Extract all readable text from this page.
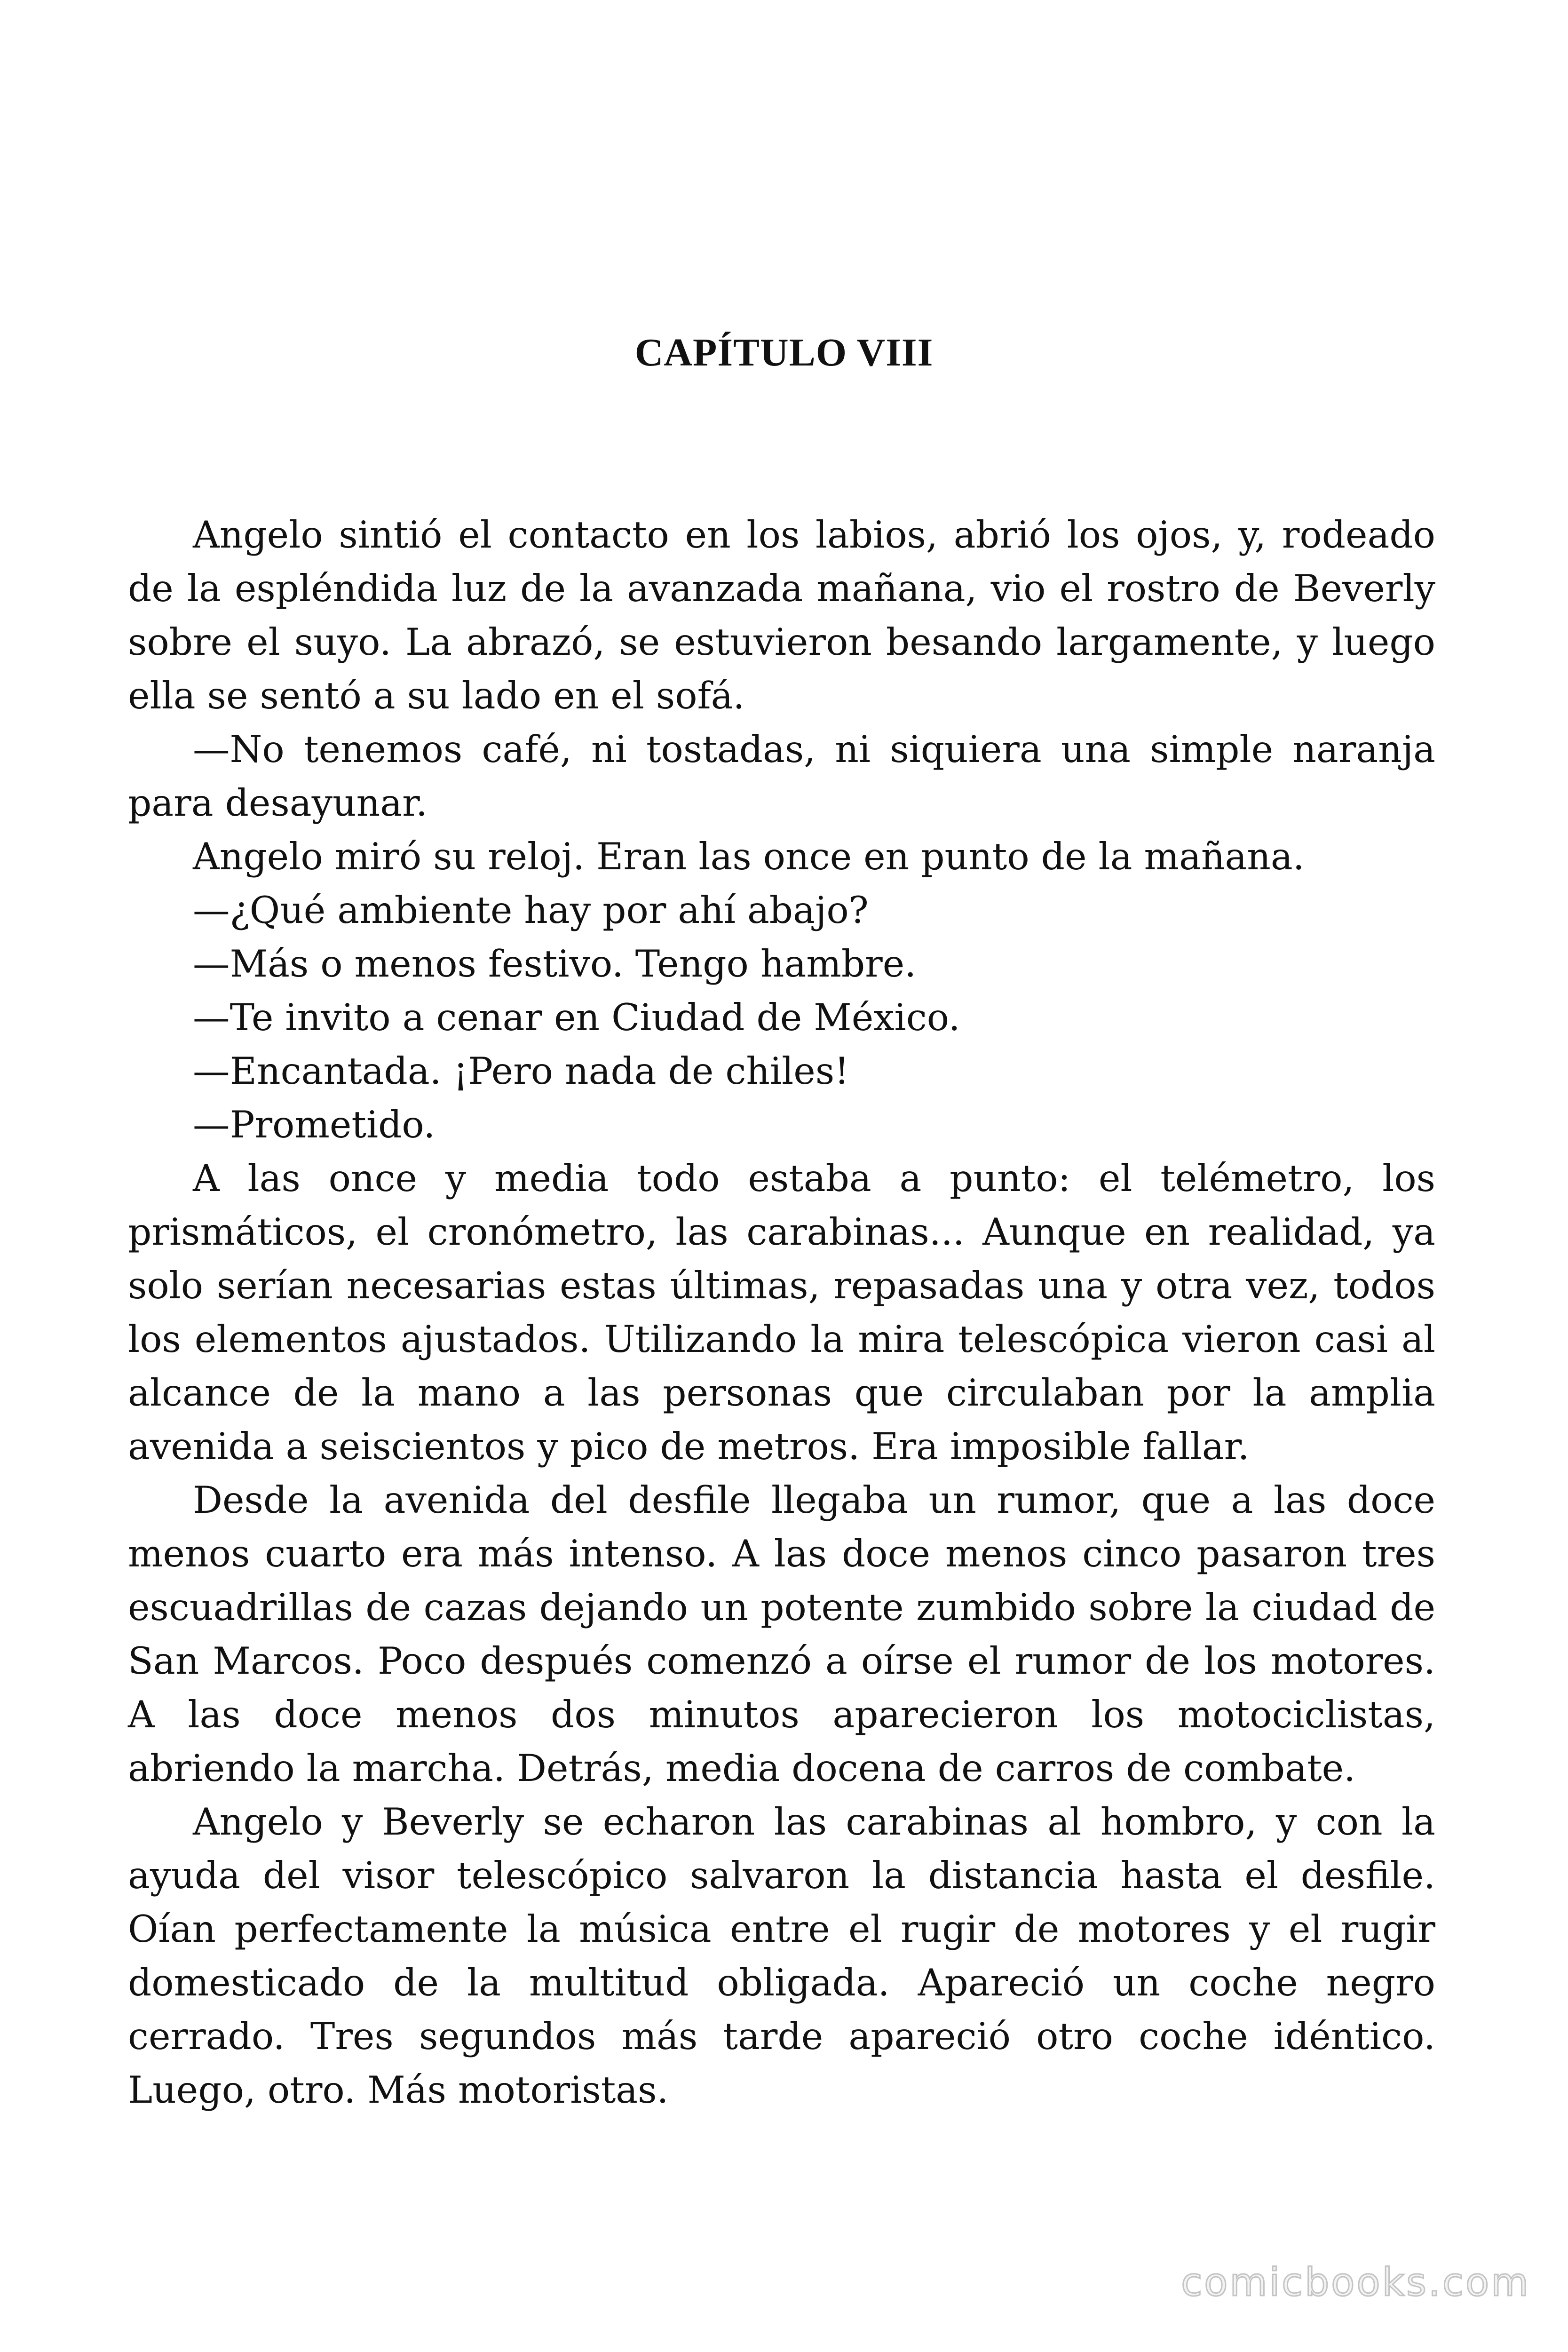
CAPÍTULO VIII

Angelo sintió el contacto en los labios, abrió los ojos, y, rodeado de la espléndida luz de la avanzada mañana, vio el rostro de Beverly sobre el suyo. La abrazó, se estuvieron besando largamente, y luego ella se sentó a su lado en el sofá.

—No tenemos café, ni tostadas, ni siquiera una simple naranja para desayunar.

Angelo miró su reloj. Eran las once en punto de la mañana.

—¿Qué ambiente hay por ahí abajo?

—Más o menos festivo. Tengo hambre.

—Te invito a cenar en Ciudad de México.

—Encantada. ¡Pero nada de chiles!

—Prometido.

A las once y media todo estaba a punto: el telémetro, los prismáticos, el cronómetro, las carabinas... Aunque en realidad, ya solo serían necesarias estas últimas, repasadas una y otra vez, todos los elementos ajustados. Utilizando la mira telescópica vieron casi al alcance de la mano a las personas que circulaban por la amplia avenida a seiscientos y pico de metros. Era imposible fallar.

Desde la avenida del desfile llegaba un rumor, que a las doce menos cuarto era más intenso. A las doce menos cinco pasaron tres escuadrillas de cazas dejando un potente zumbido sobre la ciudad de San Marcos. Poco después comenzó a oírse el rumor de los motores. A las doce menos dos minutos aparecieron los motociclistas, abriendo la marcha. Detrás, media docena de carros de combate.

Angelo y Beverly se echaron las carabinas al hombro, y con la ayuda del visor telescópico salvaron la distancia hasta el desfile. Oían perfectamente la música entre el rugir de motores y el rugir domesticado de la multitud obligada. Apareció un coche negro cerrado. Tres segundos más tarde apareció otro coche idéntico. Luego, otro. Más motoristas.

comicbooks.com
